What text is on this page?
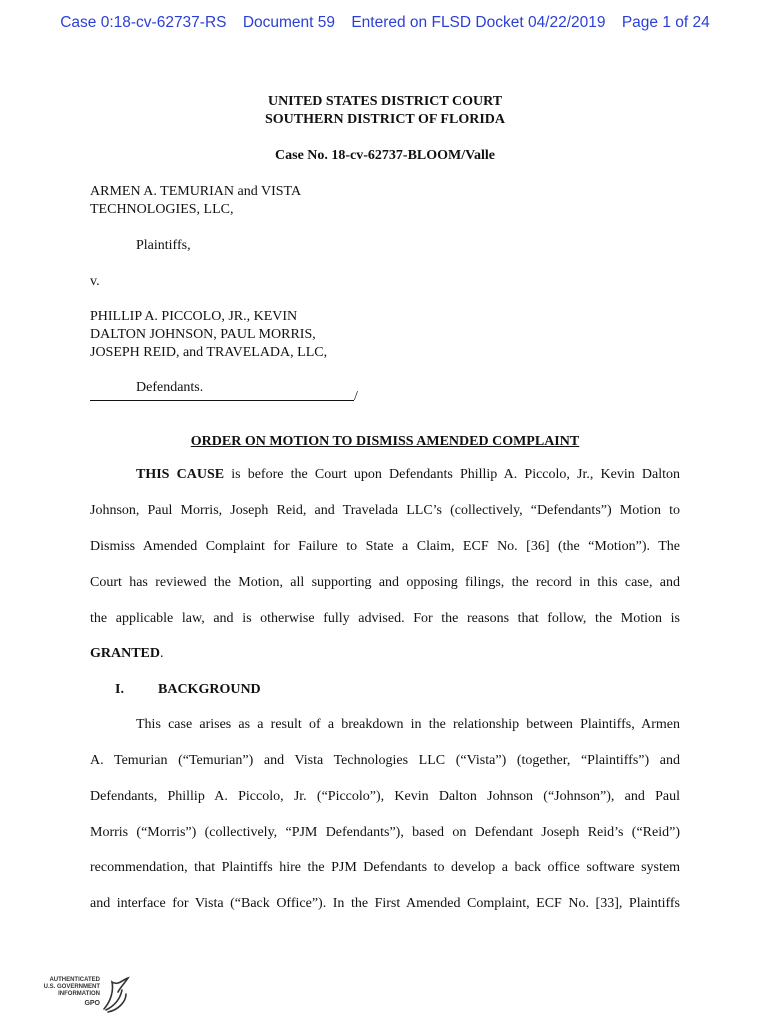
Case 0:18-cv-62737-RS Document 59 Entered on FLSD Docket 04/22/2019 Page 1 of 24
UNITED STATES DISTRICT COURT
SOUTHERN DISTRICT OF FLORIDA
Case No. 18-cv-62737-BLOOM/Valle
ARMEN A. TEMURIAN and VISTA
TECHNOLOGIES, LLC,
Plaintiffs,
v.
PHILLIP A. PICCOLO, JR., KEVIN
DALTON JOHNSON, PAUL MORRIS,
JOSEPH REID, and TRAVELADA, LLC,
Defendants.
/
ORDER ON MOTION TO DISMISS AMENDED COMPLAINT
THIS CAUSE is before the Court upon Defendants Phillip A. Piccolo, Jr., Kevin Dalton
Johnson, Paul Morris, Joseph Reid, and Travelada LLC’s (collectively, “Defendants”) Motion to
Dismiss Amended Complaint for Failure to State a Claim, ECF No. [36] (the “Motion”). The
Court has reviewed the Motion, all supporting and opposing filings, the record in this case, and
the applicable law, and is otherwise fully advised. For the reasons that follow, the Motion is
GRANTED.
I. BACKGROUND
This case arises as a result of a breakdown in the relationship between Plaintiffs, Armen
A. Temurian (“Temurian”) and Vista Technologies LLC (“Vista”) (together, “Plaintiffs”) and
Defendants, Phillip A. Piccolo, Jr. (“Piccolo”), Kevin Dalton Johnson (“Johnson”), and Paul
Morris (“Morris”) (collectively, “PJM Defendants”), based on Defendant Joseph Reid’s (“Reid”)
recommendation, that Plaintiffs hire the PJM Defendants to develop a back office software system
and interface for Vista (“Back Office”). In the First Amended Complaint, ECF No. [33], Plaintiffs
AUTHENTICATED
U.S. GOVERNMENT
INFORMATION
GPO
